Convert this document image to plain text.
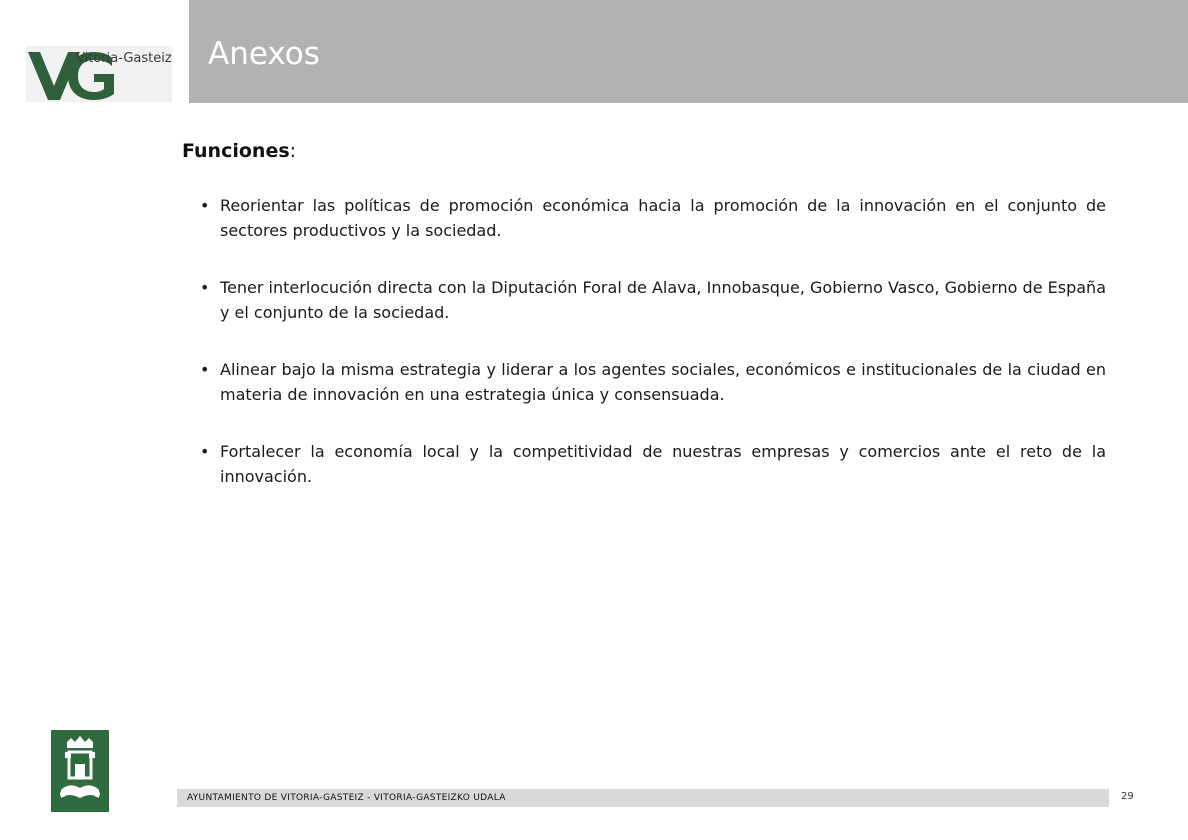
Vitoria-Gasteiz Anexos
Funciones:
• Reorientar las políticas de promoción económica hacia la promoción de la innovación en el conjunto de sectores productivos y la sociedad.
• Tener interlocución directa con la Diputación Foral de Alava, Innobasque, Gobierno Vasco, Gobierno de España y el conjunto de la sociedad.
• Alinear bajo la misma estrategia y liderar a los agentes sociales, económicos e institucionales de la ciudad en materia de innovación en una estrategia única y consensuada.
• Fortalecer la economía local y la competitividad de nuestras empresas y comercios ante el reto de la innovación.
AYUNTAMIENTO DE VITORIA-GASTEIZ - VITORIA-GASTEIZKO UDALA	29
